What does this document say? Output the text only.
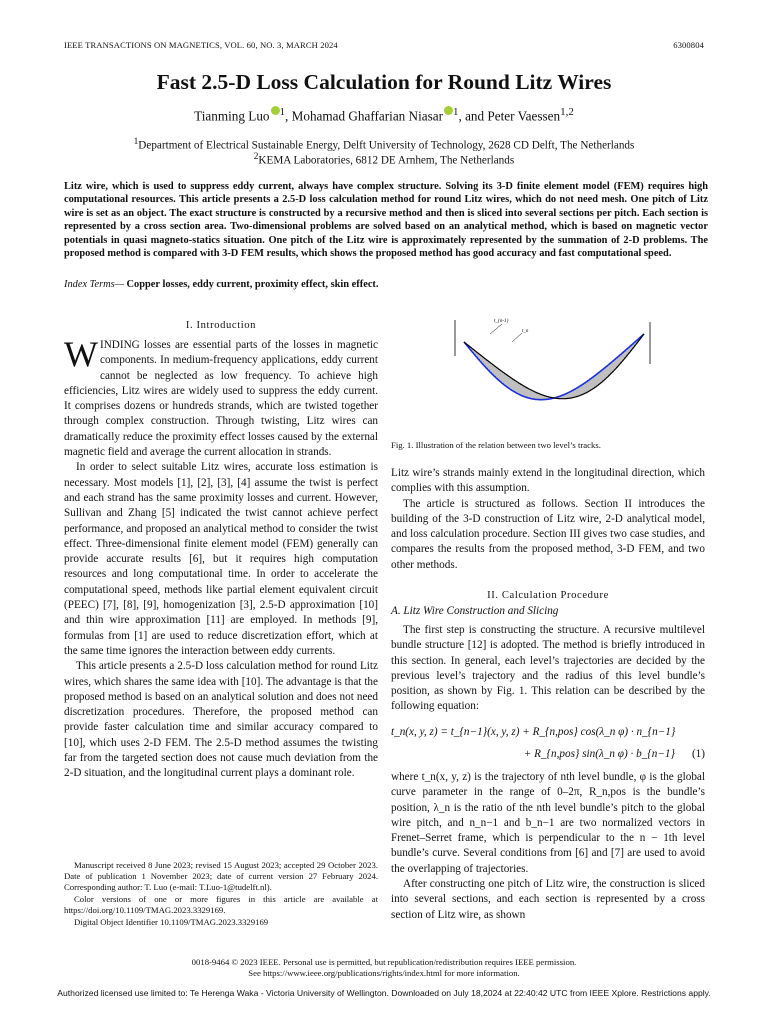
IEEE TRANSACTIONS ON MAGNETICS, VOL. 60, NO. 3, MARCH 2024	6300804
Fast 2.5-D Loss Calculation for Round Litz Wires
Tianming Luo $^1$, Mohamad Ghaffarian Niasar $^1$, and Peter Vaessen$^{1,2}$
$^1$Department of Electrical Sustainable Energy, Delft University of Technology, 2628 CD Delft, The Netherlands
$^2$KEMA Laboratories, 6812 DE Arnhem, The Netherlands
Litz wire, which is used to suppress eddy current, always have complex structure. Solving its 3-D finite element model (FEM) requires high computational resources. This article presents a 2.5-D loss calculation method for round Litz wires, which do not need mesh. One pitch of Litz wire is set as an object. The exact structure is constructed by a recursive method and then is sliced into several sections per pitch. Each section is represented by a cross section area. Two-dimensional problems are solved based on an analytical method, which is based on magnetic vector potentials in quasi magneto-statics situation. One pitch of the Litz wire is approximately represented by the summation of 2-D problems. The proposed method is compared with 3-D FEM results, which shows the proposed method has good accuracy and fast computational speed.
Index Terms— Copper losses, eddy current, proximity effect, skin effect.
I. Introduction

WINDING losses are essential parts of the losses in magnetic components. In medium-frequency applications, eddy current cannot be neglected as low frequency. To achieve high efficiencies, Litz wires are widely used to suppress the eddy current. It comprises dozens or hundreds strands, which are twisted together through complex construction. Through twisting, Litz wires can dramatically reduce the proximity effect losses caused by the external magnetic field and average the current allocation in strands.

In order to select suitable Litz wires, accurate loss estimation is necessary. Most models [1], [2], [3], [4] assume the twist is perfect and each strand has the same proximity losses and current. However, Sullivan and Zhang [5] indicated the twist cannot achieve perfect performance, and proposed an analytical method to consider the twist effect. Three-dimensional finite element model (FEM) generally can provide accurate results [6], but it requires high computation resources and long computational time. In order to accelerate the computational speed, methods like partial element equivalent circuit (PEEC) [7], [8], [9], homogenization [3], 2.5-D approximation [10] and thin wire approximation [11] are employed. In methods [9], formulas from [1] are used to reduce discretization effort, which at the same time ignores the interaction between eddy currents.

This article presents a 2.5-D loss calculation method for round Litz wires, which shares the same idea with [10]. The advantage is that the proposed method is based on an analytical solution and does not need discretization procedures. Therefore, the proposed method can provide faster calculation time and similar accuracy compared to [10], which uses 2-D FEM. The 2.5-D method assumes the twisting far from the targeted section does not cause much deviation from the 2-D situation, and the longitudinal current plays a dominant role.

Manuscript received 8 June 2023; revised 15 August 2023; accepted 29 October 2023. Date of publication 1 November 2023; date of current version 27 February 2024. Corresponding author: T. Luo (e-mail: T.Luo-1@tudelft.nl).

Color versions of one or more figures in this article are available at https://doi.org/10.1109/TMAG.2023.3329169.

Digital Object Identifier 10.1109/TMAG.2023.3329169

t_{n-1}
t_n
Fig. 1. Illustration of the relation between two level’s tracks.

Litz wire’s strands mainly extend in the longitudinal direction, which complies with this assumption.

The article is structured as follows. Section II introduces the building of the 3-D construction of Litz wire, 2-D analytical model, and loss calculation procedure. Section III gives two case studies, and compares the results from the proposed method, 3-D FEM, and two other methods.

II. Calculation Procedure
A. Litz Wire Construction and Slicing

The first step is constructing the structure. A recursive multilevel bundle structure [12] is adopted. The method is briefly introduced in this section. In general, each level’s trajectories are decided by the previous level’s trajectory and the radius of this level bundle’s position, as shown by Fig. 1. This relation can be described by the following equation:

t_n(x, y, z) = t_{n−1}(x, y, z) + R_{n,pos} cos(λ_n φ) · n_{n−1}
+ R_{n,pos} sin(λ_n φ) · b_{n−1}	(1)

where t_n(x, y, z) is the trajectory of nth level bundle, φ is the global curve parameter in the range of 0–2π, R_n,pos is the bundle’s position, λ_n is the ratio of the nth level bundle’s pitch to the global wire pitch, and n_n−1 and b_n−1 are two normalized vectors in Frenet–Serret frame, which is perpendicular to the n − 1th level bundle’s curve. Several conditions from [6] and [7] are used to avoid the overlapping of trajectories.

After constructing one pitch of Litz wire, the construction is sliced into several sections, and each section is represented by a cross section of Litz wire, as shown

0018-9464 © 2023 IEEE. Personal use is permitted, but republication/redistribution requires IEEE permission.
See https://www.ieee.org/publications/rights/index.html for more information.
Authorized licensed use limited to: Te Herenga Waka - Victoria University of Wellington. Downloaded on July 18,2024 at 22:40:42 UTC from IEEE Xplore. Restrictions apply.
